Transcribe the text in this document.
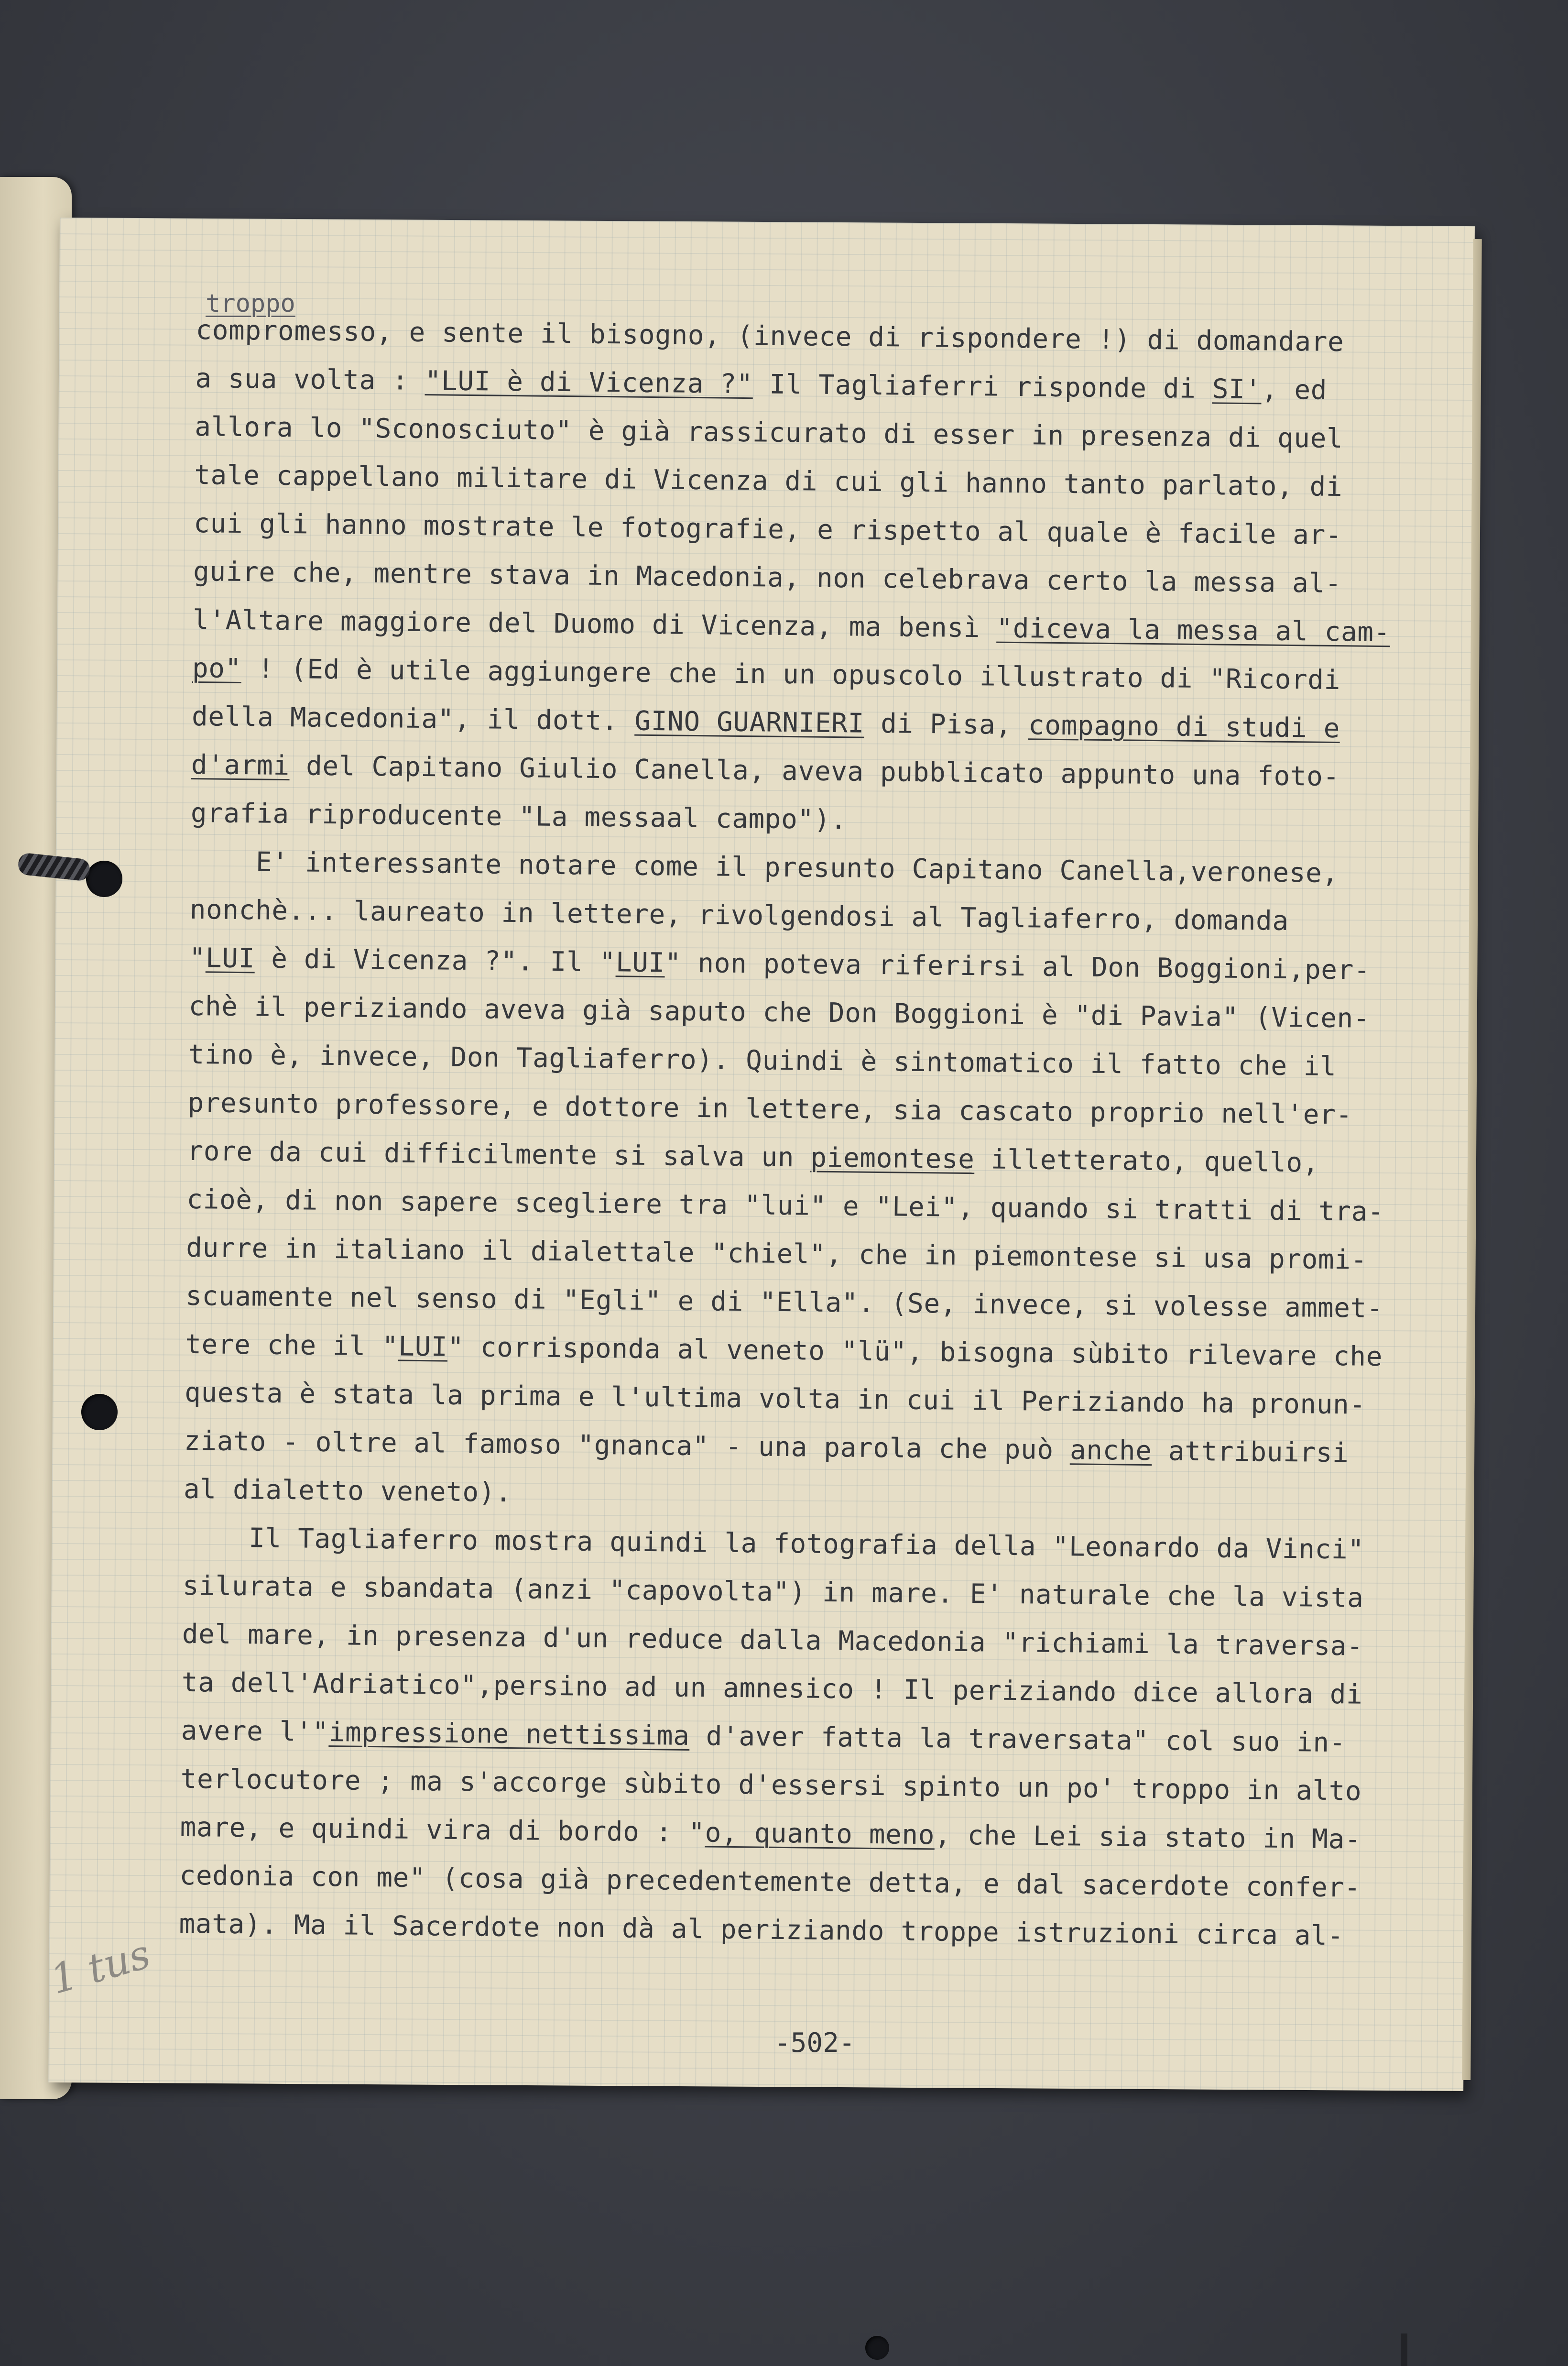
troppo
compromesso, e sente il bisogno, (invece di rispondere !) di domandare
a sua volta : "LUI è di Vicenza ?" Il Tagliaferri risponde di SI', ed
allora lo "Sconosciuto" è già rassicurato di esser in presenza di quel
tale cappellano militare di Vicenza di cui gli hanno tanto parlato, di
cui gli hanno mostrate le fotografie, e rispetto al quale è facile ar-
guire che, mentre stava in Macedonia, non celebrava certo la messa al-
l'Altare maggiore del Duomo di Vicenza, ma bensì "diceva la messa al cam-
po" ! (Ed è utile aggiungere che in un opuscolo illustrato di "Ricordi
della Macedonia", il dott. GINO GUARNIERI di Pisa, compagno di studi e
d'armi del Capitano Giulio Canella, aveva pubblicato appunto una foto-
grafia riproducente "La messaal campo").
E' interessante notare come il presunto Capitano Canella,veronese,
nonchè... laureato in lettere, rivolgendosi al Tagliaferro, domanda
"LUI è di Vicenza ?". Il "LUI" non poteva riferirsi al Don Boggioni,per-
chè il periziando aveva già saputo che Don Boggioni è "di Pavia" (Vicen-
tino è, invece, Don Tagliaferro). Quindi è sintomatico il fatto che il
presunto professore, e dottore in lettere, sia cascato proprio nell'er-
rore da cui difficilmente si salva un piemontese illetterato, quello,
cioè, di non sapere scegliere tra "lui" e "Lei", quando si tratti di tra-
durre in italiano il dialettale "chiel", che in piemontese si usa promi-
scuamente nel senso di "Egli" e di "Ella". (Se, invece, si volesse ammet-
tere che il "LUI" corrisponda al veneto "lü", bisogna sùbito rilevare che
questa è stata la prima e l'ultima volta in cui il Periziando ha pronun-
ziato - oltre al famoso "gnanca" - una parola che può anche attribuirsi
al dialetto veneto).
Il Tagliaferro mostra quindi la fotografia della "Leonardo da Vinci"
silurata e sbandata (anzi "capovolta") in mare. E' naturale che la vista
del mare, in presenza d'un reduce dalla Macedonia "richiami la traversa-
ta dell'Adriatico",persino ad un amnesico ! Il periziando dice allora di
avere l'"impressione nettissima d'aver fatta la traversata" col suo in-
terlocutore ; ma s'accorge sùbito d'essersi spinto un po' troppo in alto
mare, e quindi vira di bordo : "o, quanto meno, che Lei sia stato in Ma-
cedonia con me" (cosa già precedentemente detta, e dal sacerdote confer-
mata). Ma il Sacerdote non dà al periziando troppe istruzioni circa al-
-502-
1 tus
